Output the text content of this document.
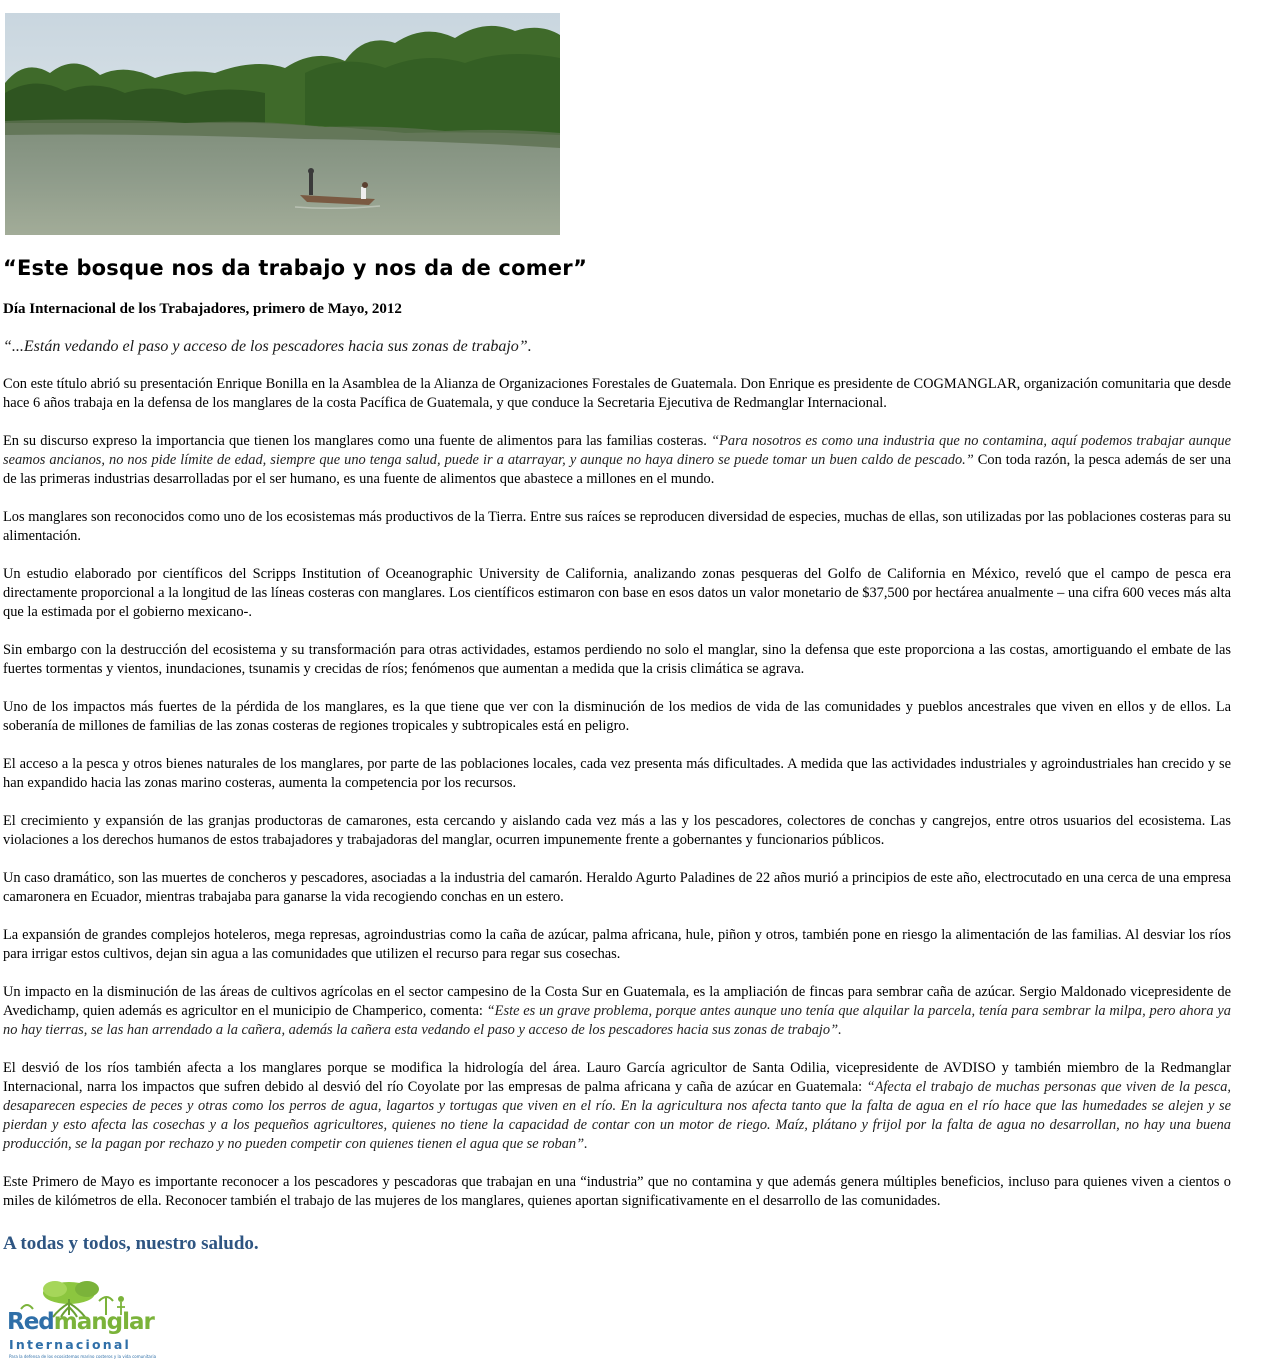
“Este bosque nos da trabajo y nos da de comer”

Día Internacional de los Trabajadores, primero de Mayo, 2012

“...Están vedando el paso y acceso de los pescadores hacia sus zonas de trabajo”.

Con este título abrió su presentación Enrique Bonilla en la Asamblea de la Alianza de Organizaciones Forestales de Guatemala. Don Enrique es presidente de COGMANGLAR, organización comunitaria que desde hace 6 años trabaja en la defensa de los manglares de la costa Pacífica de Guatemala, y que conduce la Secretaria Ejecutiva de Redmanglar Internacional.

En su discurso expreso la importancia que tienen los manglares como una fuente de alimentos para las familias costeras. “Para nosotros es como una industria que no contamina, aquí podemos trabajar aunque seamos ancianos, no nos pide límite de edad, siempre que uno tenga salud, puede ir a atarrayar, y aunque no haya dinero se puede tomar un buen caldo de pescado.” Con toda razón, la pesca además de ser una de las primeras industrias desarrolladas por el ser humano, es una fuente de alimentos que abastece a millones en el mundo.

Los manglares son reconocidos como uno de los ecosistemas más productivos de la Tierra. Entre sus raíces se reproducen diversidad de especies, muchas de ellas, son utilizadas por las poblaciones costeras para su alimentación.

Un estudio elaborado por científicos del Scripps Institution of Oceanographic University de California, analizando zonas pesqueras del Golfo de California en México, reveló que el campo de pesca era directamente proporcional a la longitud de las líneas costeras con manglares. Los científicos estimaron con base en esos datos un valor monetario de $37,500 por hectárea anualmente – una cifra 600 veces más alta que la estimada por el gobierno mexicano-.

Sin embargo con la destrucción del ecosistema y su transformación para otras actividades, estamos perdiendo no solo el manglar, sino la defensa que este proporciona a las costas, amortiguando el embate de las fuertes tormentas y vientos, inundaciones, tsunamis y crecidas de ríos; fenómenos que aumentan a medida que la crisis climática se agrava.

Uno de los impactos más fuertes de la pérdida de los manglares, es la que tiene que ver con la disminución de los medios de vida de las comunidades y pueblos ancestrales que viven en ellos y de ellos. La soberanía de millones de familias de las zonas costeras de regiones tropicales y subtropicales está en peligro.

El acceso a la pesca y otros bienes naturales de los manglares, por parte de las poblaciones locales, cada vez presenta más dificultades. A medida que las actividades industriales y agroindustriales han crecido y se han expandido hacia las zonas marino costeras, aumenta la competencia por los recursos.

El crecimiento y expansión de las granjas productoras de camarones, esta cercando y aislando cada vez más a las y los pescadores, colectores de conchas y cangrejos, entre otros usuarios del ecosistema. Las violaciones a los derechos humanos de estos trabajadores y trabajadoras del manglar, ocurren impunemente frente a gobernantes y funcionarios públicos.

Un caso dramático, son las muertes de concheros y pescadores, asociadas a la industria del camarón. Heraldo Agurto Paladines de 22 años murió a principios de este año, electrocutado en una cerca de una empresa camaronera en Ecuador, mientras trabajaba para ganarse la vida recogiendo conchas en un estero.

La expansión de grandes complejos hoteleros, mega represas, agroindustrias como la caña de azúcar, palma africana, hule, piñon y otros, también pone en riesgo la alimentación de las familias. Al desviar los ríos para irrigar estos cultivos, dejan sin agua a las comunidades que utilizen el recurso para regar sus cosechas.

Un impacto en la disminución de las áreas de cultivos agrícolas en el sector campesino de la Costa Sur en Guatemala, es la ampliación de fincas para sembrar caña de azúcar. Sergio Maldonado vicepresidente de Avedichamp, quien además es agricultor en el municipio de Champerico, comenta: “Este es un grave problema, porque antes aunque uno tenía que alquilar la parcela, tenía para sembrar la milpa, pero ahora ya no hay tierras, se las han arrendado a la cañera, además la cañera esta vedando el paso y acceso de los pescadores hacia sus zonas de trabajo”.

El desvió de los ríos también afecta a los manglares porque se modifica la hidrología del área. Lauro García agricultor de Santa Odilia, vicepresidente de AVDISO y también miembro de la Redmanglar Internacional, narra los impactos que sufren debido al desvió del río Coyolate por las empresas de palma africana y caña de azúcar en Guatemala: “Afecta el trabajo de muchas personas que viven de la pesca, desaparecen especies de peces y otras como los perros de agua, lagartos y tortugas que viven en el río. En la agricultura nos afecta tanto que la falta de agua en el río hace que las humedades se alejen y se pierdan y esto afecta las cosechas y a los pequeños agricultores, quienes no tiene la capacidad de contar con un motor de riego. Maíz, plátano y frijol por la falta de agua no desarrollan, no hay una buena producción, se la pagan por rechazo y no pueden competir con quienes tienen el agua que se roban”.

Este Primero de Mayo es importante reconocer a los pescadores y pescadoras que trabajan en una “industria” que no contamina y que además genera múltiples beneficios, incluso para quienes viven a cientos o miles de kilómetros de ella. Reconocer también el trabajo de las mujeres de los manglares, quienes aportan significativamente en el desarrollo de las comunidades.

A todas y todos, nuestro saludo.

Redmanglar
Internacional
Para la defensa de los ecosistemas marino costeros y la vida comunitaria
